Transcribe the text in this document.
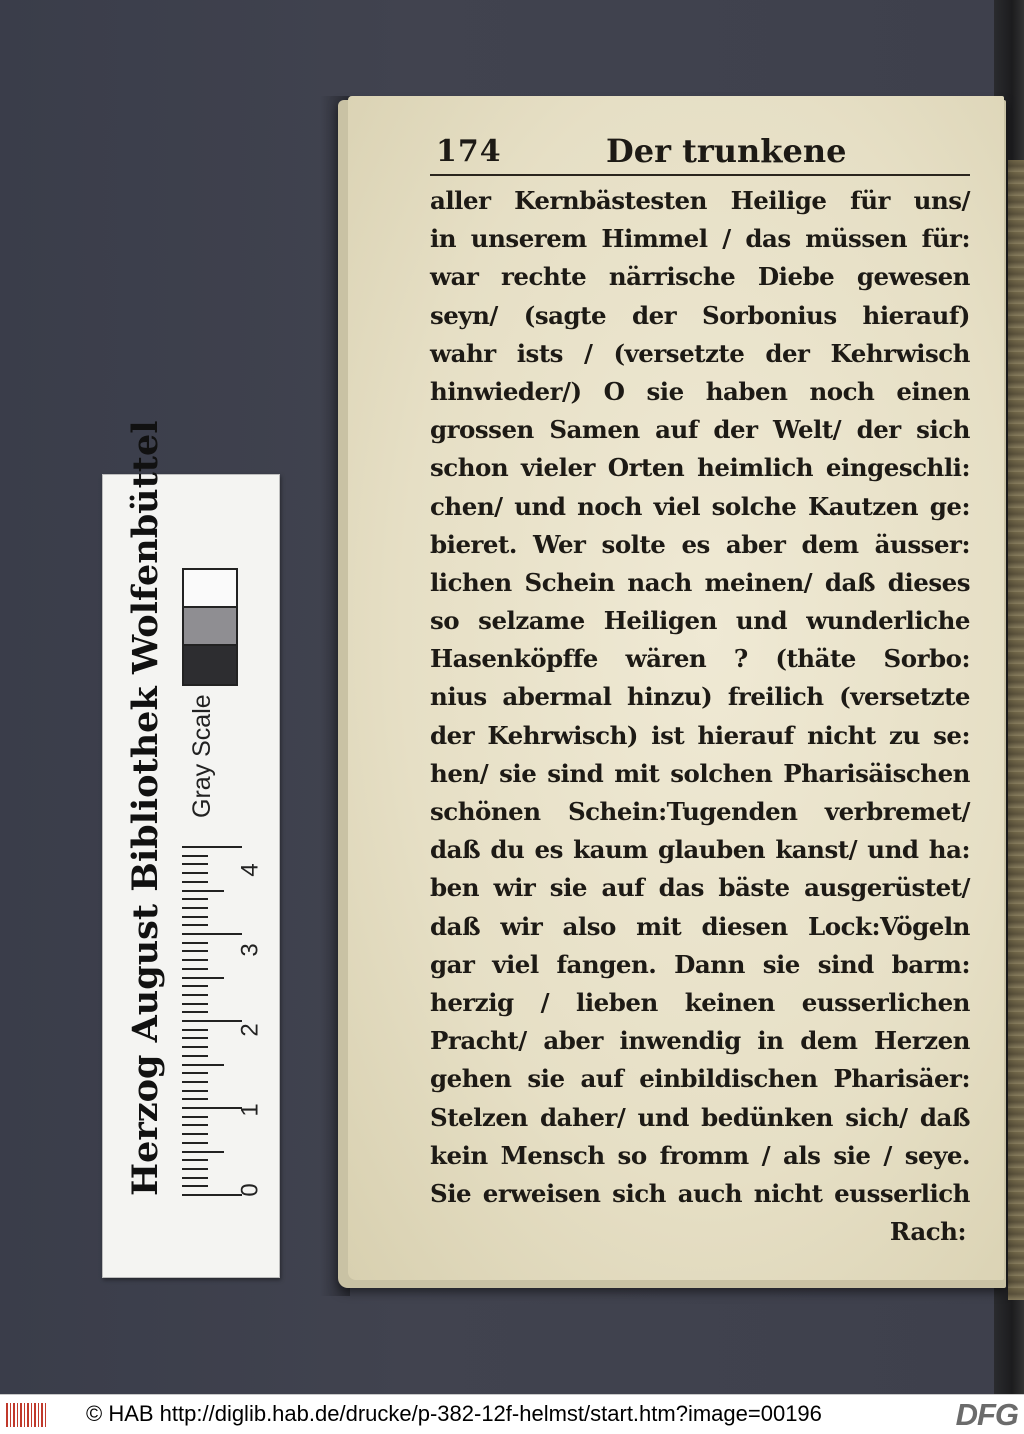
174	Der trunkene
aller Kernbästesten Heilige für uns/
in unserem Himmel / das müssen für:
war rechte närrische Diebe gewesen
seyn/ (sagte der Sorbonius hierauf)
wahr ists / (versetzte der Kehrwisch
hinwieder/) O sie haben noch einen
grossen Samen auf der Welt/ der sich
schon vieler Orten heimlich eingeschli:
chen/ und noch viel solche Kautzen ge:
bieret. Wer solte es aber dem äusser:
lichen Schein nach meinen/ daß dieses
so selzame Heiligen und wunderliche
Hasenköpffe wären ? (thäte Sorbo:
nius abermal hinzu) freilich (versetzte
der Kehrwisch) ist hierauf nicht zu se:
hen/ sie sind mit solchen Pharisäischen
schönen Schein:Tugenden verbremet/
daß du es kaum glauben kanst/ und ha:
ben wir sie auf das bäste ausgerüstet/
daß wir also mit diesen Lock:Vögeln
gar viel fangen. Dann sie sind barm:
herzig / lieben keinen eusserlichen
Pracht/ aber inwendig in dem Herzen
gehen sie auf einbildischen Pharisäer:
Stelzen daher/ und bedünken sich/ daß
kein Mensch so fromm / als sie / seye.
Sie erweisen sich auch nicht eusserlich
Rach:
Gray Scale
0
1
2
3
4
© HAB http://diglib.hab.de/drucke/p-382-12f-helmst/start.htm?image=00196	DFG
